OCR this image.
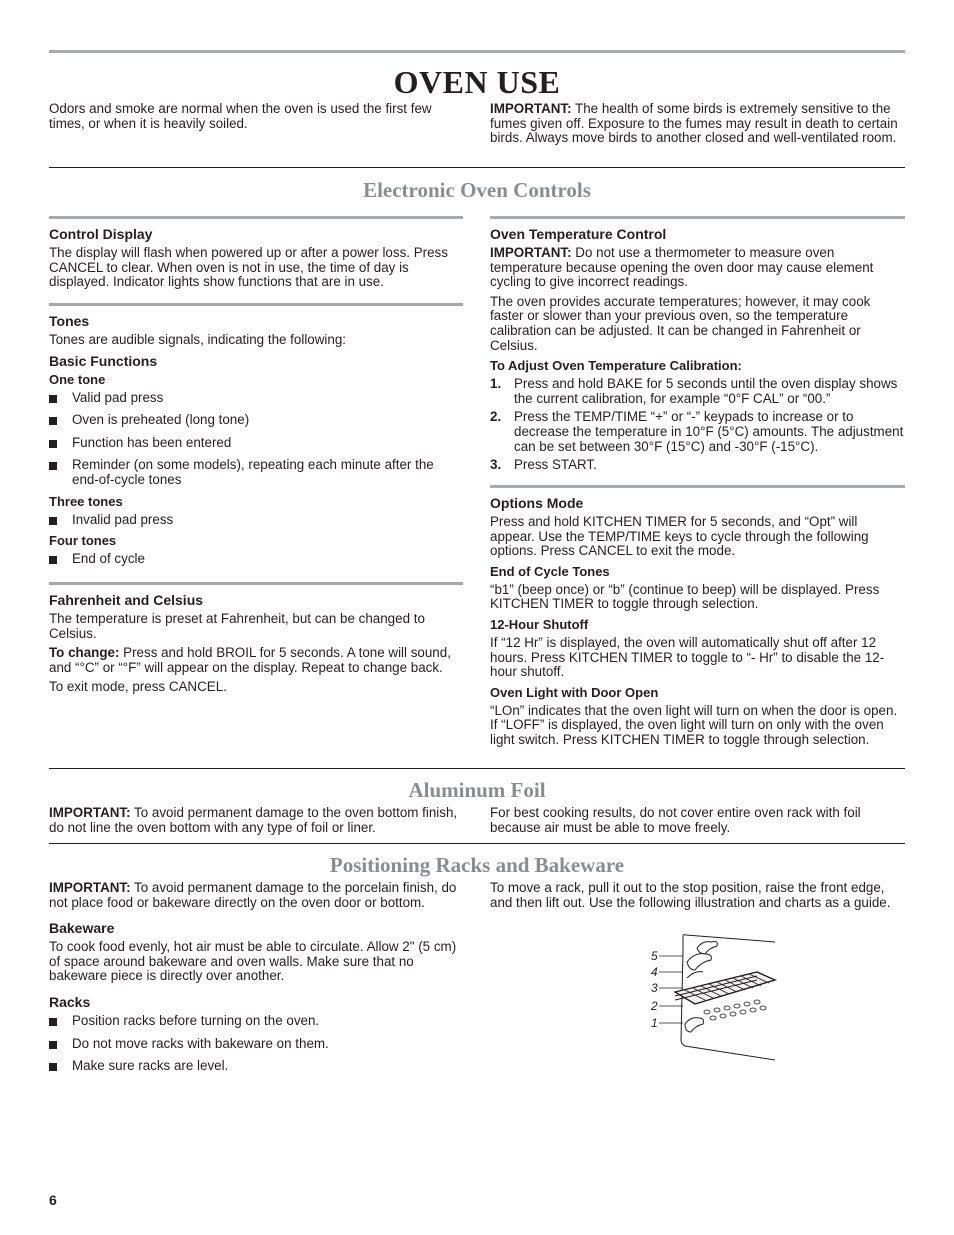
OVEN USE

Odors and smoke are normal when the oven is used the first few times, or when it is heavily soiled.

IMPORTANT: The health of some birds is extremely sensitive to the fumes given off. Exposure to the fumes may result in death to certain birds. Always move birds to another closed and well-ventilated room.

Electronic Oven Controls
Control Display

The display will flash when powered up or after a power loss. Press CANCEL to clear. When oven is not in use, the time of day is displayed. Indicator lights show functions that are in use.

Tones

Tones are audible signals, indicating the following:

Basic Functions
One tone
Valid pad press
Oven is preheated (long tone)
Function has been entered
Reminder (on some models), repeating each minute after the end-of-cycle tones
Three tones
Invalid pad press
Four tones
End of cycle
Fahrenheit and Celsius

The temperature is preset at Fahrenheit, but can be changed to Celsius.

To change: Press and hold BROIL for 5 seconds. A tone will sound, and “°C” or “°F” will appear on the display. Repeat to change back.

To exit mode, press CANCEL.

Oven Temperature Control

IMPORTANT: Do not use a thermometer to measure oven temperature because opening the oven door may cause element cycling to give incorrect readings.

The oven provides accurate temperatures; however, it may cook faster or slower than your previous oven, so the temperature calibration can be adjusted. It can be changed in Fahrenheit or Celsius.

To Adjust Oven Temperature Calibration:
1. Press and hold BAKE for 5 seconds until the oven display shows the current calibration, for example “0°F CAL” or “00.”
2. Press the TEMP/TIME “+” or “-” keypads to increase or to decrease the temperature in 10°F (5°C) amounts. The adjustment can be set between 30°F (15°C) and -30°F (-15°C).
3. Press START.
Options Mode

Press and hold KITCHEN TIMER for 5 seconds, and “Opt” will appear. Use the TEMP/TIME keys to cycle through the following options. Press CANCEL to exit the mode.

End of Cycle Tones

“b1” (beep once) or “b” (continue to beep) will be displayed. Press KITCHEN TIMER to toggle through selection.

12-Hour Shutoff

If “12 Hr” is displayed, the oven will automatically shut off after 12 hours. Press KITCHEN TIMER to toggle to “- Hr” to disable the 12-hour shutoff.

Oven Light with Door Open

“LOn” indicates that the oven light will turn on when the door is open. If “LOFF” is displayed, the oven light will turn on only with the oven light switch. Press KITCHEN TIMER to toggle through selection.

Aluminum Foil

IMPORTANT: To avoid permanent damage to the oven bottom finish, do not line the oven bottom with any type of foil or liner.

For best cooking results, do not cover entire oven rack with foil because air must be able to move freely.

Positioning Racks and Bakeware

IMPORTANT: To avoid permanent damage to the porcelain finish, do not place food or bakeware directly on the oven door or bottom.

Bakeware

To cook food evenly, hot air must be able to circulate. Allow 2" (5 cm) of space around bakeware and oven walls. Make sure that no bakeware piece is directly over another.

Racks
Position racks before turning on the oven.
Do not move racks with bakeware on them.
Make sure racks are level.

To move a rack, pull it out to the stop position, raise the front edge, and then lift out. Use the following illustration and charts as a guide.

5
4
3
2
1
6
